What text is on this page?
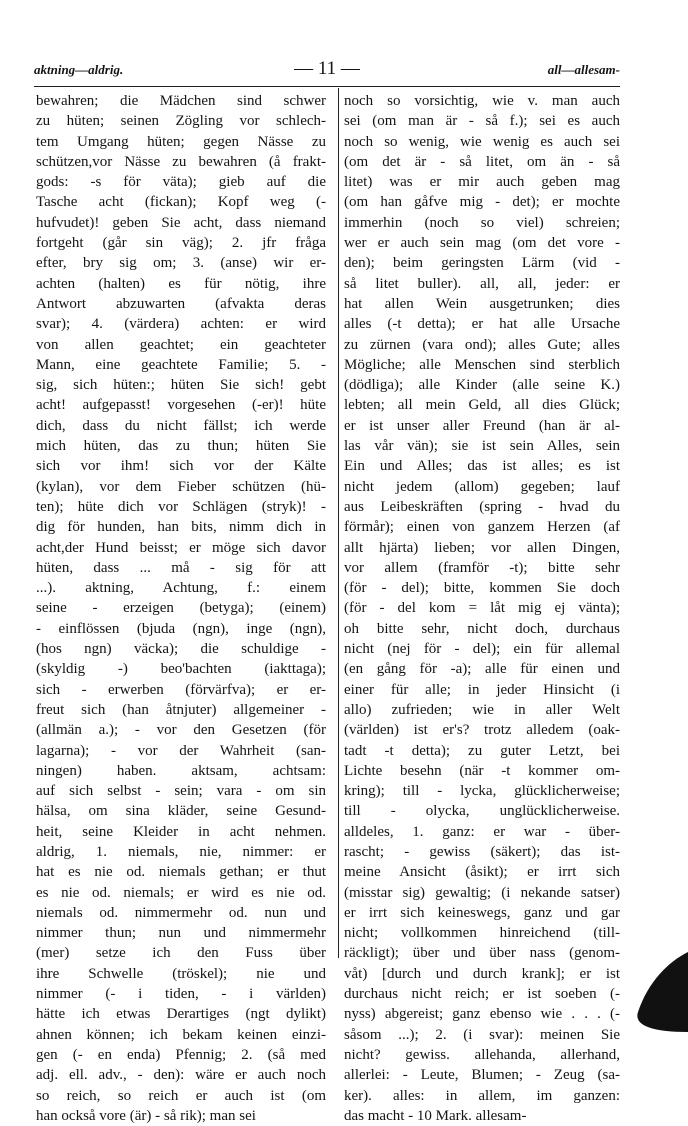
aktning—aldrig.	— 11 —	all—allesam-
bewahren; die Mädchen sind schwer
zu hüten; seinen Zögling vor schlech-
tem Umgang hüten; gegen Nässe zu
schützen,vor Nässe zu bewahren (å frakt-
gods: -s för väta); gieb auf die
Tasche acht (fickan); Kopf weg (-
hufvudet)! geben Sie acht, dass niemand
fortgeht (går sin väg); 2. jfr fråga
efter, bry sig om; 3. (anse) wir er-
achten (halten) es für nötig, ihre
Antwort abzuwarten (afvakta deras
svar); 4. (värdera) achten: er wird
von allen geachtet; ein geachteter
Mann, eine geachtete Familie; 5. -
sig, sich hüten:; hüten Sie sich! gebt
acht! aufgepasst! vorgesehen (-er)! hüte
dich, dass du nicht fällst; ich werde
mich hüten, das zu thun; hüten Sie
sich vor ihm! sich vor der Kälte
(kylan), vor dem Fieber schützen (hü-
ten); hüte dich vor Schlägen (stryk)! -
dig för hunden, han bits, nimm dich in
acht,der Hund beisst; er möge sich davor
hüten, dass ... må - sig för att
...). aktning, Achtung, f.: einem
seine - erzeigen (betyga); (einem)
- einflössen (bjuda (ngn), inge (ngn),
(hos ngn) väcka); die schuldige -
(skyldig -) beo'bachten (iakttaga);
sich - erwerben (förvärfva); er er-
freut sich (han åtnjuter) allgemeiner -
(allmän a.); - vor den Gesetzen (för
lagarna); - vor der Wahrheit (san-
ningen) haben. aktsam, achtsam:
auf sich selbst - sein; vara - om sin
hälsa, om sina kläder, seine Gesund-
heit, seine Kleider in acht nehmen.
aldrig, 1. niemals, nie, nimmer: er
hat es nie od. niemals gethan; er thut
es nie od. niemals; er wird es nie od.
niemals od. nimmermehr od. nun und
nimmer thun; nun und nimmermehr
(mer) setze ich den Fuss über
ihre Schwelle (tröskel); nie und
nimmer (- i tiden, - i världen)
hätte ich etwas Derartiges (ngt dylikt)
ahnen können; ich bekam keinen einzi-
gen (- en enda) Pfennig; 2. (så med
adj. ell. adv., - den): wäre er auch noch
so reich, so reich er auch ist (om
han också vore (är) - så rik); man sei
noch so vorsichtig, wie v. man auch
sei (om man är - så f.); sei es auch
noch so wenig, wie wenig es auch sei
(om det är - så litet, om än - så
litet) was er mir auch geben mag
(om han gåfve mig - det); er mochte
immerhin (noch so viel) schreien;
wer er auch sein mag (om det vore -
den); beim geringsten Lärm (vid -
så litet buller). all, all, jeder: er
hat allen Wein ausgetrunken; dies
alles (-t detta); er hat alle Ursache
zu zürnen (vara ond); alles Gute; alles
Mögliche; alle Menschen sind sterblich
(dödliga); alle Kinder (alle seine K.)
lebten; all mein Geld, all dies Glück;
er ist unser aller Freund (han är al-
las vår vän); sie ist sein Alles, sein
Ein und Alles; das ist alles; es ist
nicht jedem (allom) gegeben; lauf
aus Leibeskräften (spring - hvad du
förmår); einen von ganzem Herzen (af
allt hjärta) lieben; vor allen Dingen,
vor allem (framför -t); bitte sehr
(för - del); bitte, kommen Sie doch
(för - del kom = låt mig ej vänta);
oh bitte sehr, nicht doch, durchaus
nicht (nej för - del); ein für allemal
(en gång för -a); alle für einen und
einer für alle; in jeder Hinsicht (i
allo) zufrieden; wie in aller Welt
(världen) ist er's? trotz alledem (oak-
tadt -t detta); zu guter Letzt, bei
Lichte besehn (när -t kommer om-
kring); till - lycka, glücklicherweise;
till - olycka, unglücklicherweise.
alldeles, 1. ganz: er war - über-
rascht; - gewiss (säkert); das ist-
meine Ansicht (åsikt); er irrt sich
(misstar sig) gewaltig; (i nekande satser)
er irrt sich keineswegs, ganz und gar
nicht; vollkommen hinreichend (till-
räckligt); über und über nass (genom-
våt) [durch und durch krank]; er ist
durchaus nicht reich; er ist soeben (-
nyss) abgereist; ganz ebenso wie . . . (-
såsom ...); 2. (i svar): meinen Sie
nicht? gewiss. allehanda, allerhand,
allerlei: - Leute, Blumen; - Zeug (sa-
ker). alles: in allem, im ganzen:
das macht - 10 Mark. allesam-
